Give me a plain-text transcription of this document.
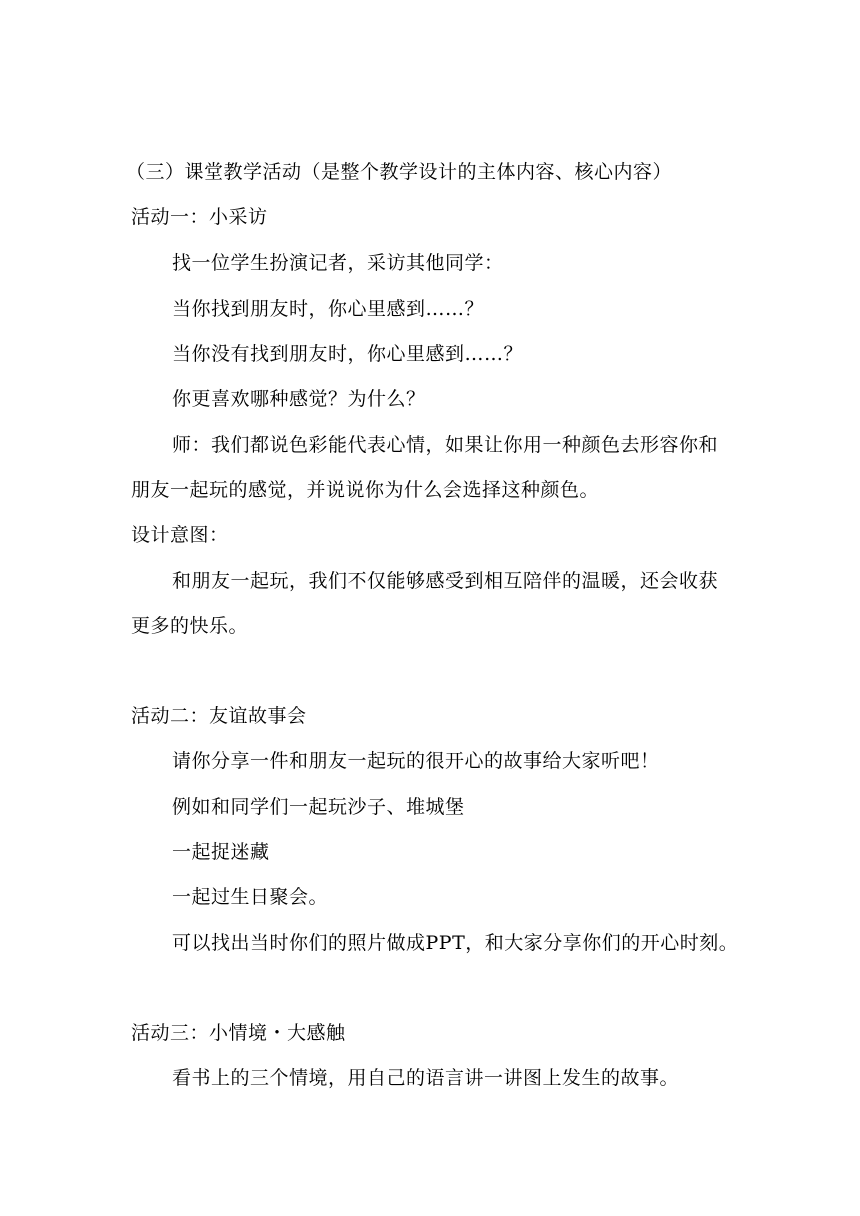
（三）课堂教学活动（是整个教学设计的主体内容、核心内容）
活动一：小采访
找一位学生扮演记者，采访其他同学：
当你找到朋友时，你心里感到……？
当你没有找到朋友时，你心里感到……？
你更喜欢哪种感觉？为什么？
师：我们都说色彩能代表心情，如果让你用一种颜色去形容你和
朋友一起玩的感觉，并说说你为什么会选择这种颜色。
设计意图：
和朋友一起玩，我们不仅能够感受到相互陪伴的温暖，还会收获
更多的快乐。
活动二：友谊故事会
请你分享一件和朋友一起玩的很开心的故事给大家听吧！
例如和同学们一起玩沙子、堆城堡
一起捉迷藏
一起过生日聚会。
可以找出当时你们的照片做成PPT，和大家分享你们的开心时刻。
活动三：小情境・大感触
看书上的三个情境，用自己的语言讲一讲图上发生的故事。
